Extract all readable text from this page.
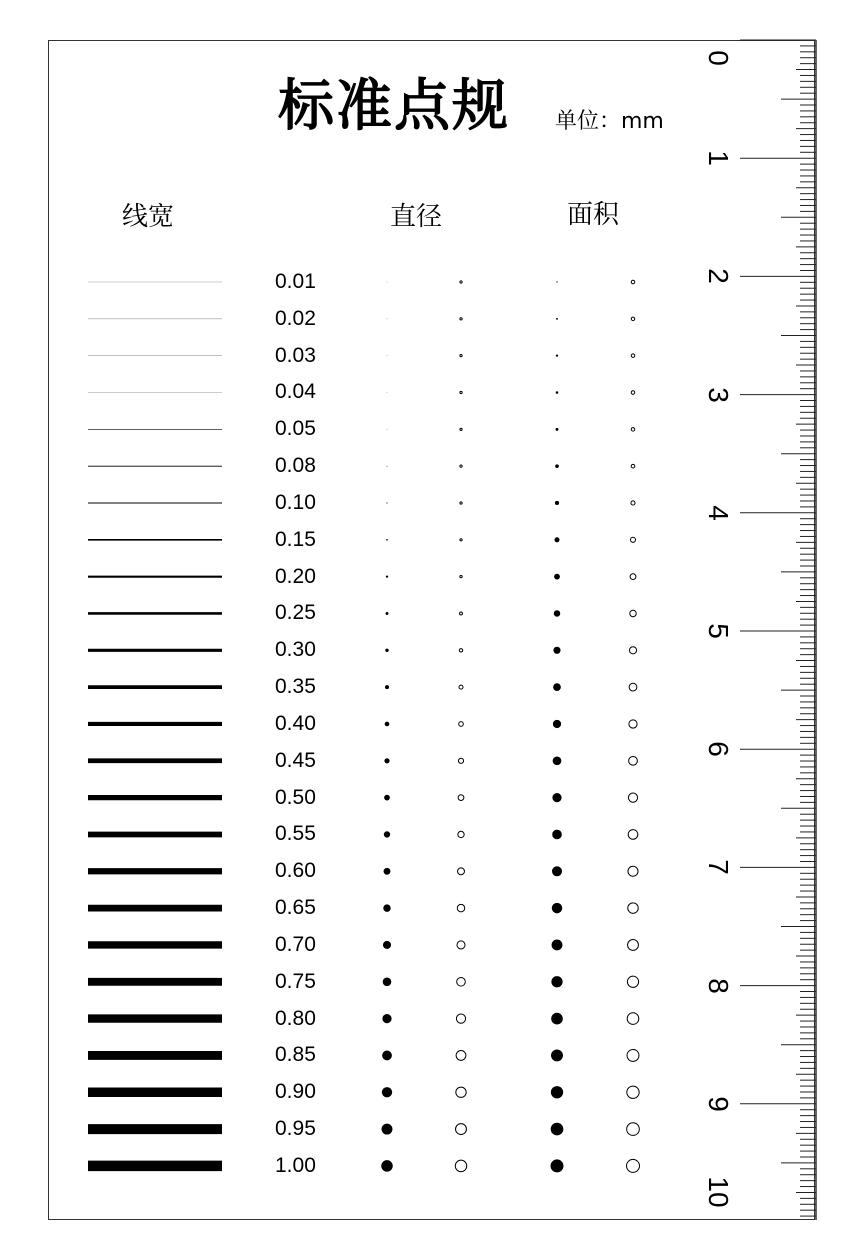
标准点规 单位：mm
线宽	直径	面积
0.01
0.02
0.03
0.04
0.05
0.08
0.10
0.15
0.20
0.25
0.30
0.35
0.40
0.45
0.50
0.55
0.60
0.65
0.70
0.75
0.80
0.85
0.90
0.95
1.00
0
1
2
3
4
5
6
7
8
9
10
